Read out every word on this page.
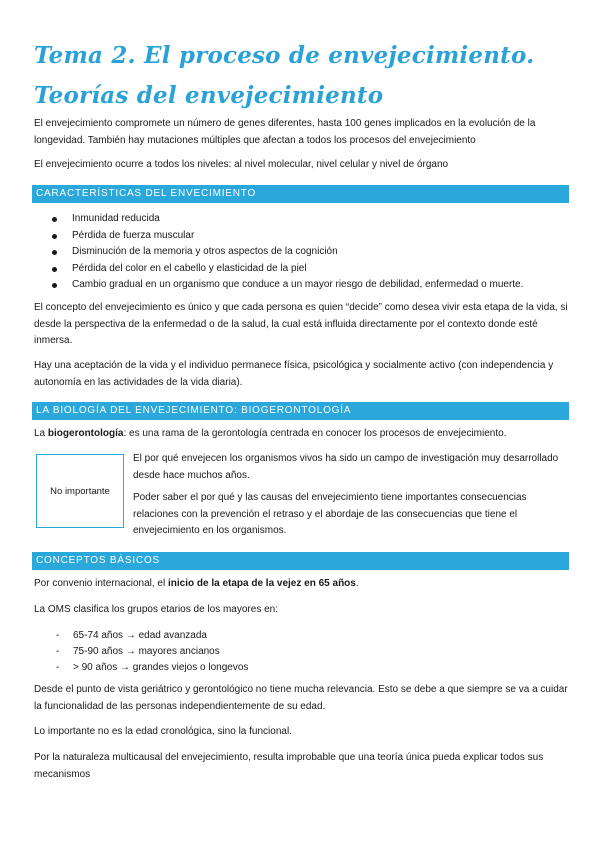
Tema 2. El proceso de envejecimiento. Teorías del envejecimiento

El envejecimiento compromete un número de genes diferentes, hasta 100 genes implicados en la evolución de la longevidad. También hay mutaciones múltiples que afectan a todos los procesos del envejecimiento

El envejecimiento ocurre a todos los niveles: al nivel molecular, nivel celular y nivel de órgano

CARACTERÍSTICAS DEL ENVECIMIENTO
Inmunidad reducida
Pérdida de fuerza muscular
Disminución de la memoria y otros aspectos de la cognición
Pérdida del color en el cabello y elasticidad de la piel
Cambio gradual en un organismo que conduce a un mayor riesgo de debilidad, enfermedad o muerte.

El concepto del envejecimiento es único y que cada persona es quien “decide” como desea vivir esta etapa de la vida, si desde la perspectiva de la enfermedad o de la salud, la cual está influida directamente por el contexto donde esté inmersa.

Hay una aceptación de la vida y el individuo permanece física, psicológica y socialmente activo (con independencia y autonomía en las actividades de la vida diaria).

LA BIOLOGÍA DEL ENVEJECIMIENTO: BIOGERONTOLOGÍA

La biogerontología: es una rama de la gerontología centrada en conocer los procesos de envejecimiento.

No importante

El por qué envejecen los organismos vivos ha sido un campo de investigación muy desarrollado desde hace muchos años.

Poder saber el por qué y las causas del envejecimiento tiene importantes consecuencias relaciones con la prevención el retraso y el abordaje de las consecuencias que tiene el envejecimiento en los organismos.

CONCEPTOS BÁSICOS

Por convenio internacional, el inicio de la etapa de la vejez en 65 años.

La OMS clasifica los grupos etarios de los mayores en:

- 65-74 años → edad avanzada
- 75-90 años → mayores ancianos
- > 90 años → grandes viejos o longevos

Desde el punto de vista geriátrico y gerontológico no tiene mucha relevancia. Esto se debe a que siempre se va a cuidar la funcionalidad de las personas independientemente de su edad.

Lo importante no es la edad cronológica, sino la funcional.

Por la naturaleza multicausal del envejecimiento, resulta improbable que una teoría única pueda explicar todos sus mecanismos
